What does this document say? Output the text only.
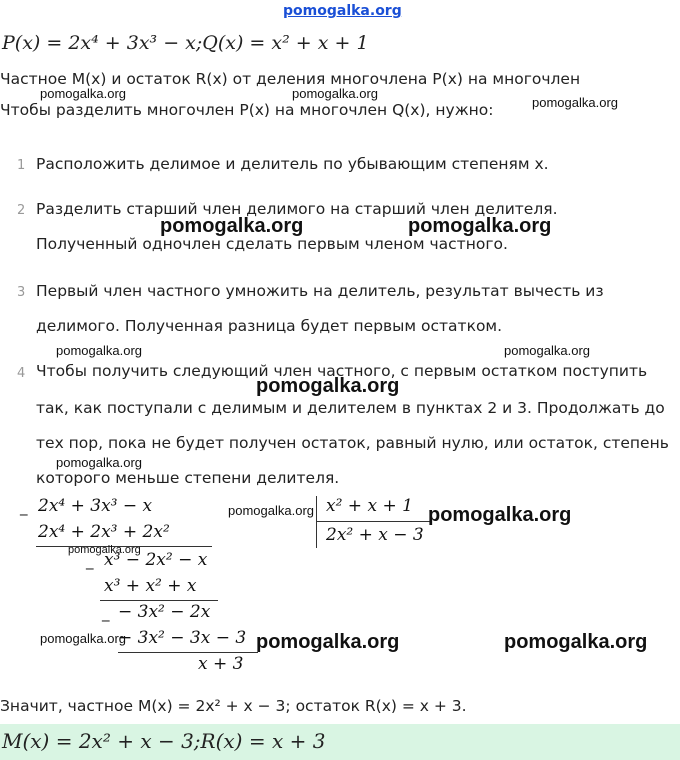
pomogalka.org
P(x) = 2x⁴ + 3x³ − x;Q(x) = x² + x + 1
Частное M(x) и остаток R(x) от деления многочлена P(x) на многочлен
Чтобы разделить многочлен P(x) на многочлен Q(x), нужно:
1 Расположить делимое и делитель по убывающим степеням x.
2 Разделить старший член делимого на старший член делителя.
Полученный одночлен сделать первым членом частного.
3 Первый член частного умножить на делитель, результат вычесть из
делимого. Полученная разница будет первым остатком.
4 Чтобы получить следующий член частного, с первым остатком поступить
так, как поступали с делимым и делителем в пунктах 2 и 3. Продолжать до
тех пор, пока не будет получен остаток, равный нулю, или остаток, степень
которого меньше степени делителя.
_ 2x⁴ + 3x³ − x	x² + x + 1
2x² + x − 3
2x⁴ + 2x³ + 2x²
_ x³ − 2x² − x
x³ + x² + x
_ − 3x² − 2x
− 3x² − 3x − 3
x + 3
Значит, частное M(x) = 2x² + x − 3; остаток R(x) = x + 3.
M(x) = 2x² + x − 3;R(x) = x + 3
pomogalka.org	pomogalka.org
pomogalka.org
pomogalka.org	pomogalka.org
pomogalka.org	pomogalka.org
pomogalka.org
pomogalka.org
pomogalka.org	pomogalka.org
pomogalka.org
pomogalka.org	pomogalka.org	pomogalka.org
